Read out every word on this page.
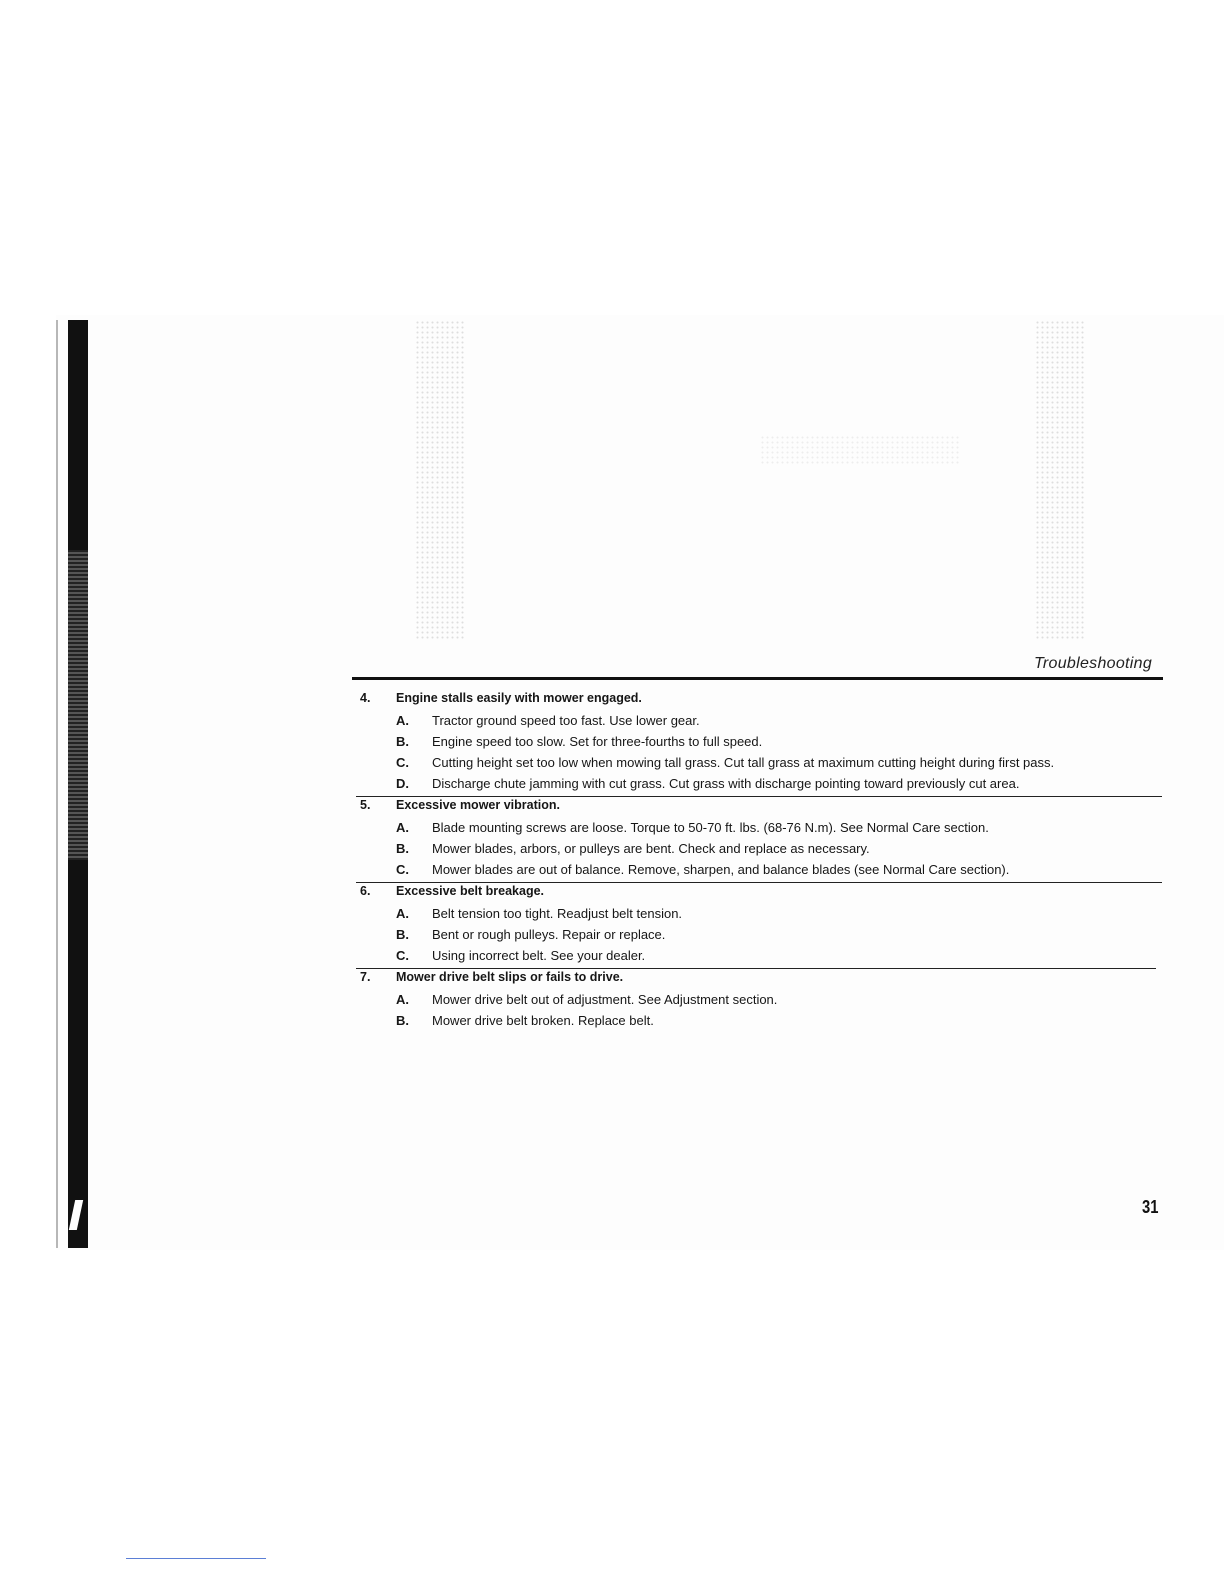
Troubleshooting
4. Engine stalls easily with mower engaged.
A. Tractor ground speed too fast. Use lower gear.
B. Engine speed too slow. Set for three-fourths to full speed.
C. Cutting height set too low when mowing tall grass. Cut tall grass at maximum cutting height during first pass.
D. Discharge chute jamming with cut grass. Cut grass with discharge pointing toward previously cut area.
5. Excessive mower vibration.
A. Blade mounting screws are loose. Torque to 50-70 ft. lbs. (68-76 N.m). See Normal Care section.
B. Mower blades, arbors, or pulleys are bent. Check and replace as necessary.
C. Mower blades are out of balance. Remove, sharpen, and balance blades (see Normal Care section).
6. Excessive belt breakage.
A. Belt tension too tight. Readjust belt tension.
B. Bent or rough pulleys. Repair or replace.
C. Using incorrect belt. See your dealer.
7. Mower drive belt slips or fails to drive.
A. Mower drive belt out of adjustment. See Adjustment section.
B. Mower drive belt broken. Replace belt.
31
